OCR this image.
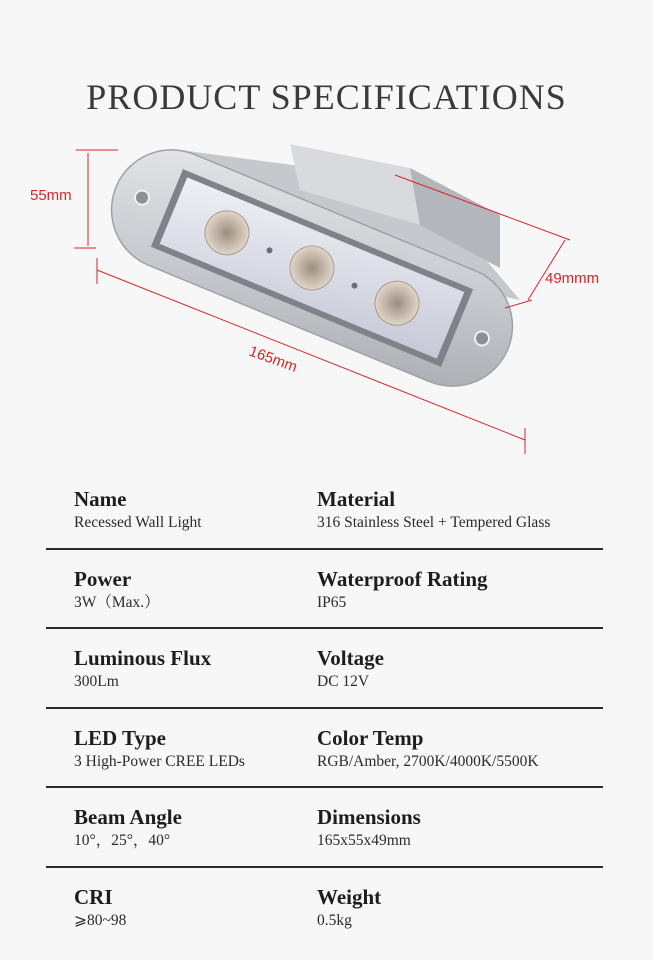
PRODUCT SPECIFICATIONS
55mm
49mmm
165mm
Name
Recessed Wall Light
Material
316 Stainless Steel + Tempered Glass
Power
3W（Max.）
Waterproof Rating
IP65
Luminous Flux
300Lm
Voltage
DC 12V
LED Type
3 High-Power CREE LEDs
Color Temp
RGB/Amber, 2700K/4000K/5500K
Beam Angle
10°，25°，40°
Dimensions
165x55x49mm
CRI
⩾80~98
Weight
0.5kg
